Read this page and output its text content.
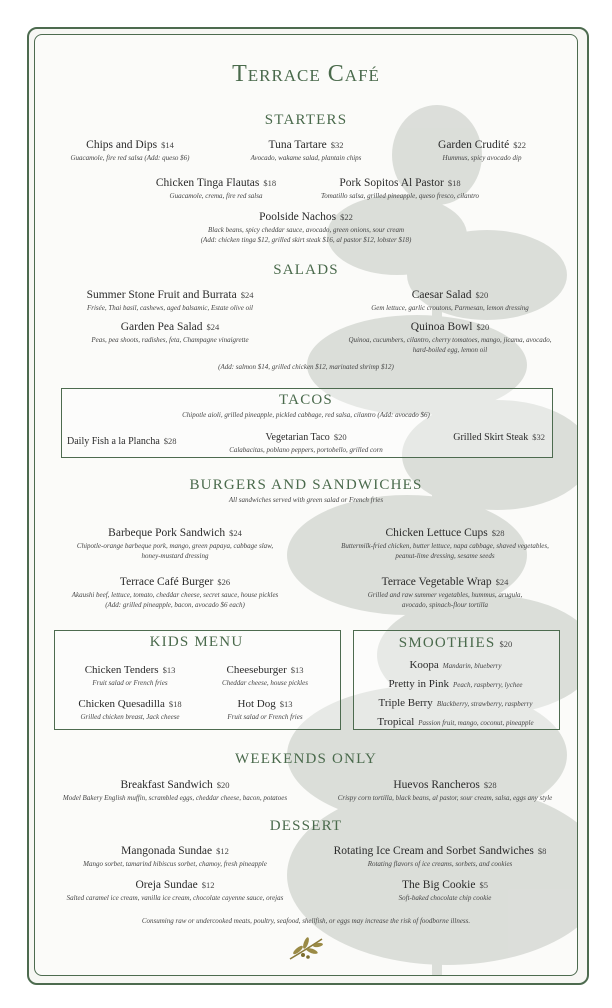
Terrace Café
STARTERS
Chips and Dips $14
Guacamole, fire red salsa (Add: queso $6)
Tuna Tartare $32
Avocado, wakame salad, plantain chips
Garden Crudité $22
Hummus, spicy avocado dip
Chicken Tinga Flautas $18
Guacamole, crema, fire red salsa
Pork Sopitos Al Pastor $18
Tomatillo salsa, grilled pineapple, queso fresco, cilantro
Poolside Nachos $22
Black beans, spicy cheddar sauce, avocado, green onions, sour cream
(Add: chicken tinga $12, grilled skirt steak $16, al pastor $12, lobster $18)
SALADS
Summer Stone Fruit and Burrata $24
Frisée, Thai basil, cashews, aged balsamic, Estate olive oil
Caesar Salad $20
Gem lettuce, garlic croutons, Parmesan, lemon dressing
Garden Pea Salad $24
Peas, pea shoots, radishes, feta, Champagne vinaigrette
Quinoa Bowl $20
Quinoa, cucumbers, cilantro, cherry tomatoes, mango, jicama, avocado,
hard-boiled egg, lemon oil
(Add: salmon $14, grilled chicken $12, marinated shrimp $12)
TACOS
Chipotle aioli, grilled pineapple, pickled cabbage, red salsa, cilantro (Add: avocado $6)
Daily Fish a la Plancha $28	Vegetarian Taco $20
Calabacitas, poblano peppers, portobello, grilled corn
Grilled Skirt Steak $32
BURGERS AND SANDWICHES
All sandwiches served with green salad or French fries
Barbeque Pork Sandwich $24
Chipotle-orange barbeque pork, mango, green papaya, cabbage slaw,
honey-mustard dressing
Chicken Lettuce Cups $28
Buttermilk-fried chicken, butter lettuce, napa cabbage, shaved vegetables,
peanut-lime dressing, sesame seeds
Terrace Café Burger $26
Akaushi beef, lettuce, tomato, cheddar cheese, secret sauce, house pickles
(Add: grilled pineapple, bacon, avocado $6 each)
Terrace Vegetable Wrap $24
Grilled and raw summer vegetables, hummus, arugula,
avocado, spinach-flour tortilla
KIDS MENU
Chicken Tenders $13
Fruit salad or French fries
Cheeseburger $13
Cheddar cheese, house pickles
Chicken Quesadilla $18
Grilled chicken breast, Jack cheese
Hot Dog $13
Fruit salad or French fries
SMOOTHIES $20
Koopa Mandarin, blueberry
Pretty in Pink Peach, raspberry, lychee
Triple Berry Blackberry, strawberry, raspberry
Tropical Passion fruit, mango, coconut, pineapple
WEEKENDS ONLY
Breakfast Sandwich $20
Model Bakery English muffin, scrambled eggs, cheddar cheese, bacon, potatoes
Huevos Rancheros $28
Crispy corn tortilla, black beans, al pastor, sour cream, salsa, eggs any style
DESSERT
Mangonada Sundae $12
Mango sorbet, tamarind hibiscus sorbet, chamoy, fresh pineapple
Rotating Ice Cream and Sorbet Sandwiches $8
Rotating flavors of ice creams, sorbets, and cookies
Oreja Sundae $12
Salted caramel ice cream, vanilla ice cream, chocolate cayenne sauce, orejas
The Big Cookie $5
Soft-baked chocolate chip cookie
Consuming raw or undercooked meats, poultry, seafood, shellfish, or eggs may increase the risk of foodborne illness.
